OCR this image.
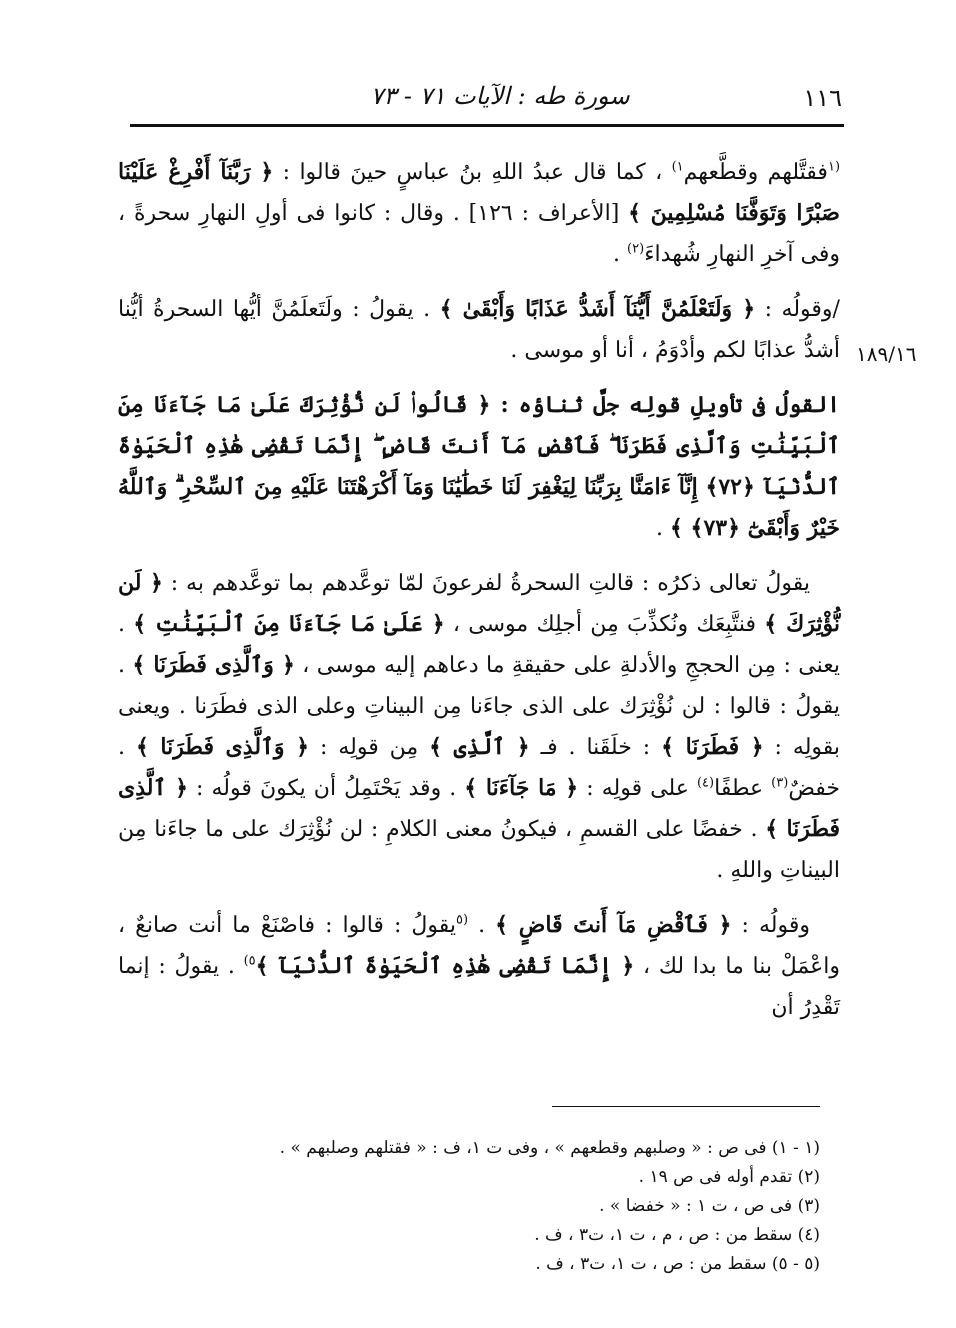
١١٦
سورة طه : الآيات ٧١ - ٧٣
١٨٩/١٦

$^{(١}$فقتَّلهم وقطَّعهم$^{١)}$ ، كما قال عبدُ اللهِ بنُ عباسٍ حينَ قالوا : ﴿ رَبَّنَآ أَفْرِغْ عَلَيْنَا صَبْرًا وَتَوَفَّنَا مُسْلِمِينَ ﴾ [الأعراف : ١٢٦] . وقال : كانوا فى أولِ النهارِ سحرةً ، وفى آخرِ النهارِ شُهداءَ$^{(٢)}$ .

/وقولُه : ﴿ وَلَتَعْلَمُنَّ أَيُّنَآ أَشَدُّ عَذَابًا وَأَبْقَىٰ ﴾ . يقولُ : ولَتَعلَمُنَّ أيُّها السحرةُ أيُّنا أشدُّ عذابًا لكم وأدْوَمُ ، أنا أو موسى .

القولُ فى تأويلِ قولِه جلَّ ثناؤه : ﴿ قَالُوا۟ لَن نُّؤْثِرَكَ عَلَىٰ مَا جَآءَنَا مِنَ ٱلْبَيِّنَٰتِ وَٱلَّذِى فَطَرَنَا ۖ فَٱقْضِ مَآ أَنتَ قَاضٍ ۖ إِنَّمَا تَقْضِى هَٰذِهِ ٱلْحَيَوٰةَ ٱلدُّنْيَآ ﴿٧٢﴾ إِنَّآ ءَامَنَّا بِرَبِّنَا لِيَغْفِرَ لَنَا خَطَٰيَٰنَا وَمَآ أَكْرَهْتَنَا عَلَيْهِ مِنَ ٱلسِّحْرِ ۗ وَٱللَّهُ خَيْرٌ وَأَبْقَىٰٓ ﴿٧٣﴾ ﴾ .

يقولُ تعالى ذكرُه : قالتِ السحرةُ لفرعونَ لمّا توعَّدهم بما توعَّدهم به : ﴿ لَن نُّؤْثِرَكَ ﴾ فنتَّبِعَك ونُكذِّبَ مِن أجلِك موسى ، ﴿ عَلَىٰ مَا جَآءَنَا مِنَ ٱلْبَيِّنَٰتِ ﴾ . يعنى : مِن الحججِ والأدلةِ على حقيقةِ ما دعاهم إليه موسى ، ﴿ وَٱلَّذِى فَطَرَنَا ﴾ . يقولُ : قالوا : لن نُؤْثِرَك على الذى جاءَنا مِن البيناتِ وعلى الذى فطَرَنا . ويعنى بقولِه : ﴿ فَطَرَنَا ﴾ : خلَقَنا . فـ ﴿ ٱلَّذِى ﴾ مِن قولِه : ﴿ وَٱلَّذِى فَطَرَنَا ﴾ . خفضٌ$^{(٣)}$ عطفًا$^{(٤)}$ على قولِه : ﴿ مَا جَآءَنَا ﴾ . وقد يَحْتَمِلُ أن يكونَ قولُه : ﴿ ٱلَّذِى فَطَرَنَا ﴾ . خفضًا على القسمِ ، فيكونُ معنى الكلامِ : لن نُؤْثِرَك على ما جاءَنا مِن البيناتِ واللهِ .

وقولُه : ﴿ فَٱقْضِ مَآ أَنتَ قَاضٍ ﴾ . $^{(٥}$يقولُ : قالوا : فاصْنَعْ ما أنت صانعٌ ، واعْمَلْ بنا ما بدا لك ، ﴿ إِنَّمَا تَقْضِى هَٰذِهِ ٱلْحَيَوٰةَ ٱلدُّنْيَآ ﴾$^{٥)}$ . يقولُ : إنما تَقْدِرُ أن

(١ - ١) فى ص : « وصلبهم وقطعهم » ، وفى ت ١، ف : « فقتلهم وصلبهم » .

(٢) تقدم أوله فى ص ١٩ .

(٣) فى ص ، ت ١ : « خفضا » .

(٤) سقط من : ص ، م ، ت ١، ت٣ ، ف .

(٥ - ٥) سقط من : ص ، ت ١، ت٣ ، ف .
